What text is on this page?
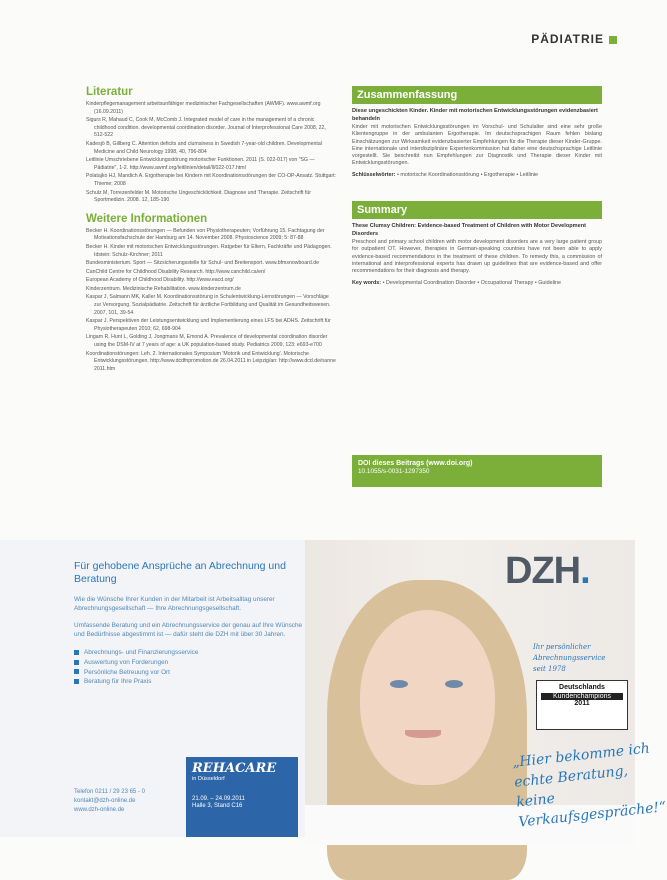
PÄDIATRIE
Literatur

Kinderpflegemanagement arbeitsunfähiger medizinischer Fachgesellschaften (AWMF). www.awmf.org (16.09.2011)

Sigurs R, Mahaud C, Cook M, McComb J. Integrated model of care in the management of a chronic childhood condition. developmental coordination disorder. Journal of Interprofessional Care 2008, 22, 512-522

Kadesjö B, Gillberg C. Attention deficits and clumsiness in Swedish 7-year-old children. Developmental Medicine and Child Neurology 1998, 40, 796-804

Leitlinie Umschriebene Entwicklungsstörung motorischer Funktionen. 2011 (S. 022-017) von "SG — Pädiatrie", 1-2. http://www.awmf.org/leitlinien/detail/ll/022-017.html

Polatajko HJ, Mandich A. Ergotherapie bei Kindern mit Koordinationsstörungen der CO-OP-Ansatz. Stuttgart: Thieme; 2008

Schulz M, Torrezenfelder M. Motorische Ungeschicklichkeit. Diagnose und Therapie. Zeitschrift für Sportmedizin. 2008. 12, 185-190

Weitere Informationen

Becker H. Koordinationsstörungen — Befunden von Physiotherapeuten; Vorführung 15. Fachtagung der Motivationsfachschule der Hamburg am 14. November 2008. Physioscience 2009; 5: 87-88

Becker H. Kinder mit motorischen Entwicklungsstörungen. Ratgeber für Eltern, Fachkräfte und Pädagogen. Idstein: Schulz-Kirchner; 2011

Bundesministerium. Sport — Sitzsicherungsstelle für Schul- und Breitensport. www.bfmsnowboard.de

CanChild Centre for Childhood Disability Research. http://www.canchild.ca/en/

European Academy of Childhood Disability. http://www.eacd.org/

Kinderzentrum. Medizinische Rehabilitation. www.kinderzentrum.de

Kaspar J, Salmann MK, Kaller M. Koordinationsstörung in Schulentwicklung-Lernstörungen — Vorschläge zur Versorgung. Sozialpädiatrie. Zeitschrift für ärztliche Fortbildung und Qualität im Gesundheitswesen. 2007, 101, 39-54

Kaspar J. Perspektiven der Leistungsentwicklung und Implementierung eines LFS bei ADHS. Zeitschrift für Physiotherapeuten 2010; 62, 698-904

Lingam R, Hunt L, Golding J, Jongmans M, Emond A. Prevalence of developmental coordination disorder using the DSM-IV at 7 years of age: a UK population-based study. Pediatrics 2009, 123: e693-e700

Koordinationstörungen: Leh. 2. Internationales Symposium 'Motorik und Entwicklung'. Motorische Entwicklungsstörungen. http://www.dcdfnpromotion.de 26.04.2011 in Leipzig/an: http://www.dcd.de/nanne 2011.htm

Zusammenfassung
Diese ungeschickten Kinder. Kinder mit motorischen Entwicklungsstörungen evidenzbasiert behandeln
Kinder mit motorischen Entwicklungsstörungen im Vorschul- und Schulalter sind eine sehr große Klientengruppe in der ambulanten Ergotherapie. Im deutschsprachigen Raum fehlen bislang Einschätzungen zur Wirksamkeit evidenzbasierter Empfehlungen für die Therapie dieser Kinder-Gruppe. Eine internationale und interdisziplinäre Expertenkommission hat daher eine deutschsprachige Leitlinie vorgestellt. Sie beschreibt nun Empfehlungen zur Diagnostik und Therapie dieser Kinder mit Entwicklungsstörungen.
Schlüsselwörter: • motorische Koordinationsstörung • Ergotherapie • Leitlinie
Summary
These Clumsy Children: Evidence-based Treatment of Children with Motor Development Disorders
Preschool and primary school children with motor development disorders are a very large patient group for outpatient OT. However, therapies in German-speaking countries have not been able to apply evidence-based recommendations in the treatment of these children. To remedy this, a commission of international and interprofessional experts has drawn up guidelines that are evidence-based and offer recommendations for their diagnosis and therapy.
Key words: • Developmental Coordination Disorder • Occupational Therapy • Guideline
DOI dieses Beitrags (www.doi.org)
10.1055/s-0031-1297350
Für gehobene Ansprüche an Abrechnung und Beratung
Wie die Wünsche Ihrer Kunden in der Mitarbeit ist Arbeitsalltag unserer Abrechnungsgesellschaft — Ihre Abrechnungsgesellschaft.
Umfassende Beratung und ein Abrechnungsservice der genau auf Ihre Wünsche und Bedürfnisse abgestimmt ist — dafür steht die DZH mit über 30 Jahren.
Abrechnungs- und Finanzierungsservice
Auswertung von Forderungen
Persönliche Betreuung vor Ort
Beratung für Ihre Praxis
Telefon 0211 / 29 23 65 - 0
kontakt@dzh-online.de
www.dzh-online.de
DZH.
Ihr persönlicher Abrechnungsservice
seit 1978
Deutschlands
Kundenchampions
2011
„Hier bekomme ich echte Beratung,
keine Verkaufsgespräche!“
REHACARE
in Düsseldorf
21.09. – 24.09.2011
Halle 3, Stand C16
